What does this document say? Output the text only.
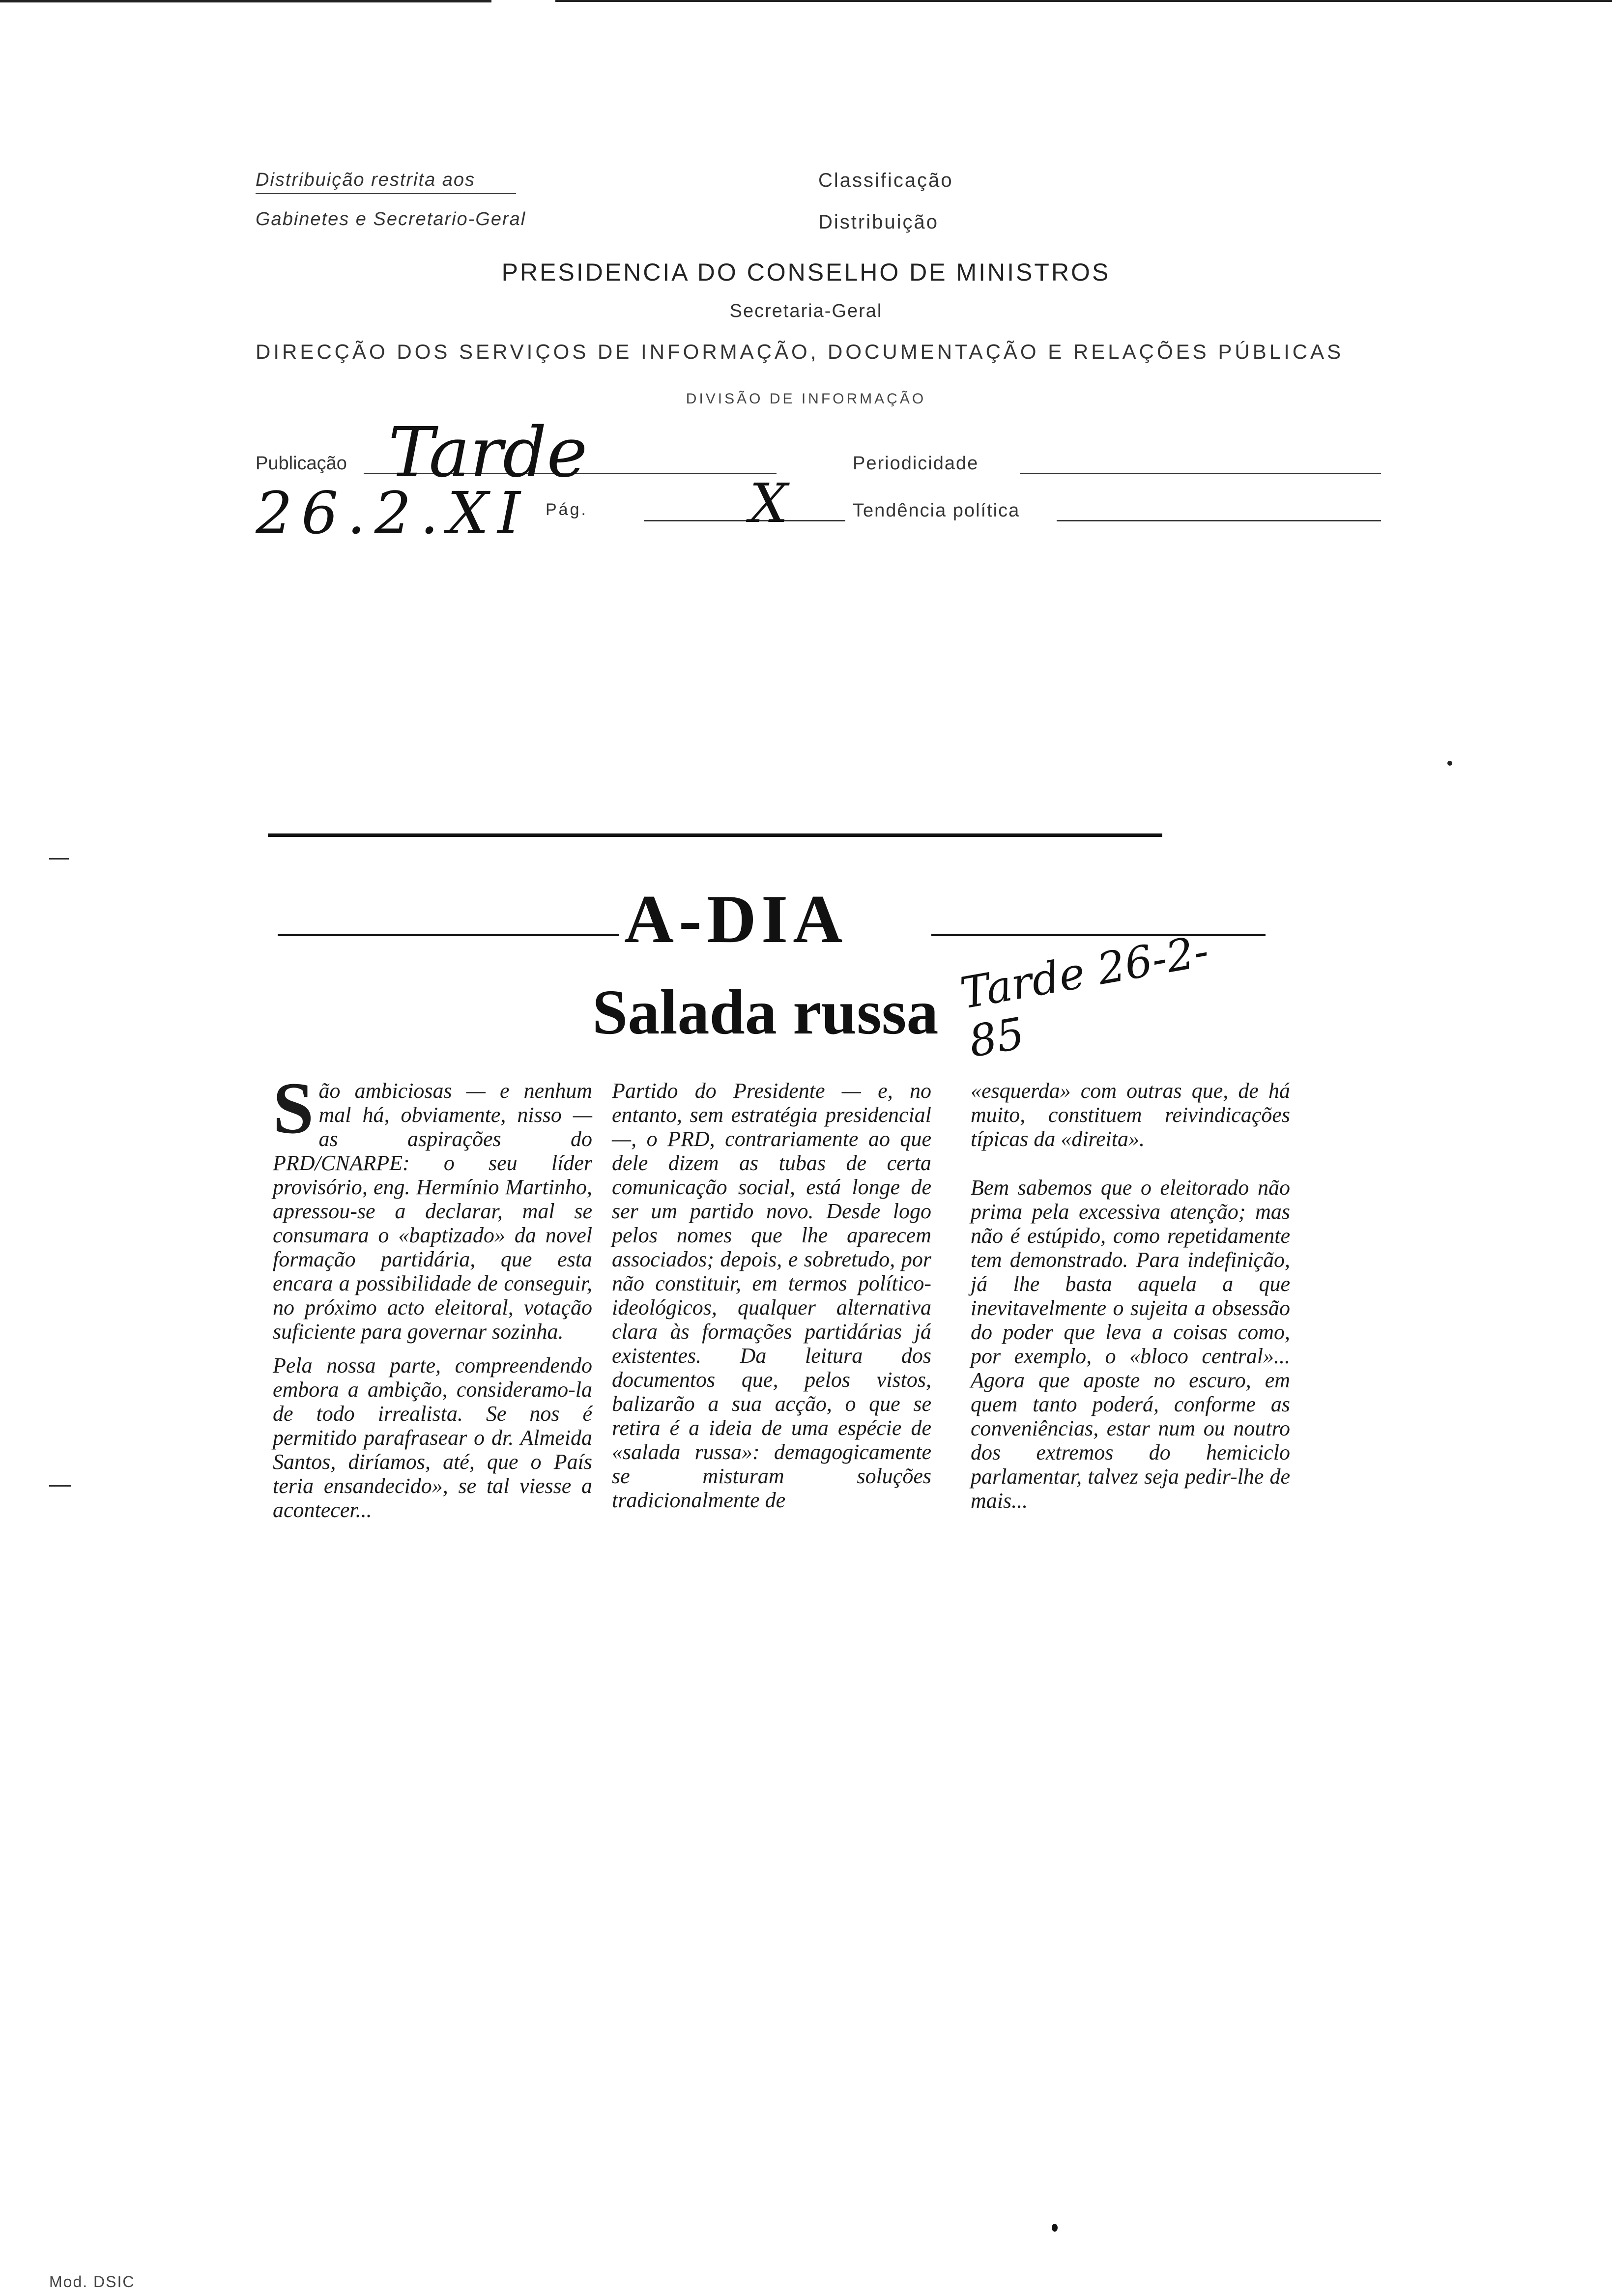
Distribuição restrita aos
Gabinetes e Secretario-Geral
Classificação
Distribuição
PRESIDENCIA DO CONSELHO DE MINISTROS
Secretaria-Geral
DIRECÇÃO DOS SERVIÇOS DE INFORMAÇÃO, DOCUMENTAÇÃO E RELAÇÕES PÚBLICAS
DIVISÃO DE INFORMAÇÃO
Publicação Tarde	Periodicidade
26.2.XI Pág.	X	Tendência política
A-DIA
Salada russa Tarde 26-2-85

São ambiciosas — e nenhum mal há, obviamente, nisso — as aspirações do PRD/CNARPE: o seu líder provisório, eng. Hermínio Martinho, apressou-se a declarar, mal se consumara o «baptizado» da novel formação partidária, que esta encara a possibilidade de conseguir, no próximo acto eleitoral, votação suficiente para governar sozinha.

Pela nossa parte, compreendendo embora a ambição, consideramo-la de todo irrealista. Se nos é permitido parafrasear o dr. Almeida Santos, diríamos, até, que o País teria ensandecido», se tal viesse a acontecer...

Partido do Presidente — e, no entanto, sem estratégia presidencial —, o PRD, contrariamente ao que dele dizem as tubas de certa comunicação social, está longe de ser um partido novo. Desde logo pelos nomes que lhe aparecem associados; depois, e sobretudo, por não constituir, em termos político-ideológicos, qualquer alternativa clara às formações partidárias já existentes. Da leitura dos documentos que, pelos vistos, balizarão a sua acção, o que se retira é a ideia de uma espécie de «salada russa»: demagogicamente se misturam soluções tradicionalmente de

«esquerda» com outras que, de há muito, constituem reivindicações típicas da «direita».

Bem sabemos que o eleitorado não prima pela excessiva atenção; mas não é estúpido, como repetidamente tem demonstrado. Para indefinição, já lhe basta aquela a que inevitavelmente o sujeita a obsessão do poder que leva a coisas como, por exemplo, o «bloco central»... Agora que aposte no escuro, em quem tanto poderá, conforme as conveniências, estar num ou noutro dos extremos do hemiciclo parlamentar, talvez seja pedir-lhe de mais...

Mod. DSIC
